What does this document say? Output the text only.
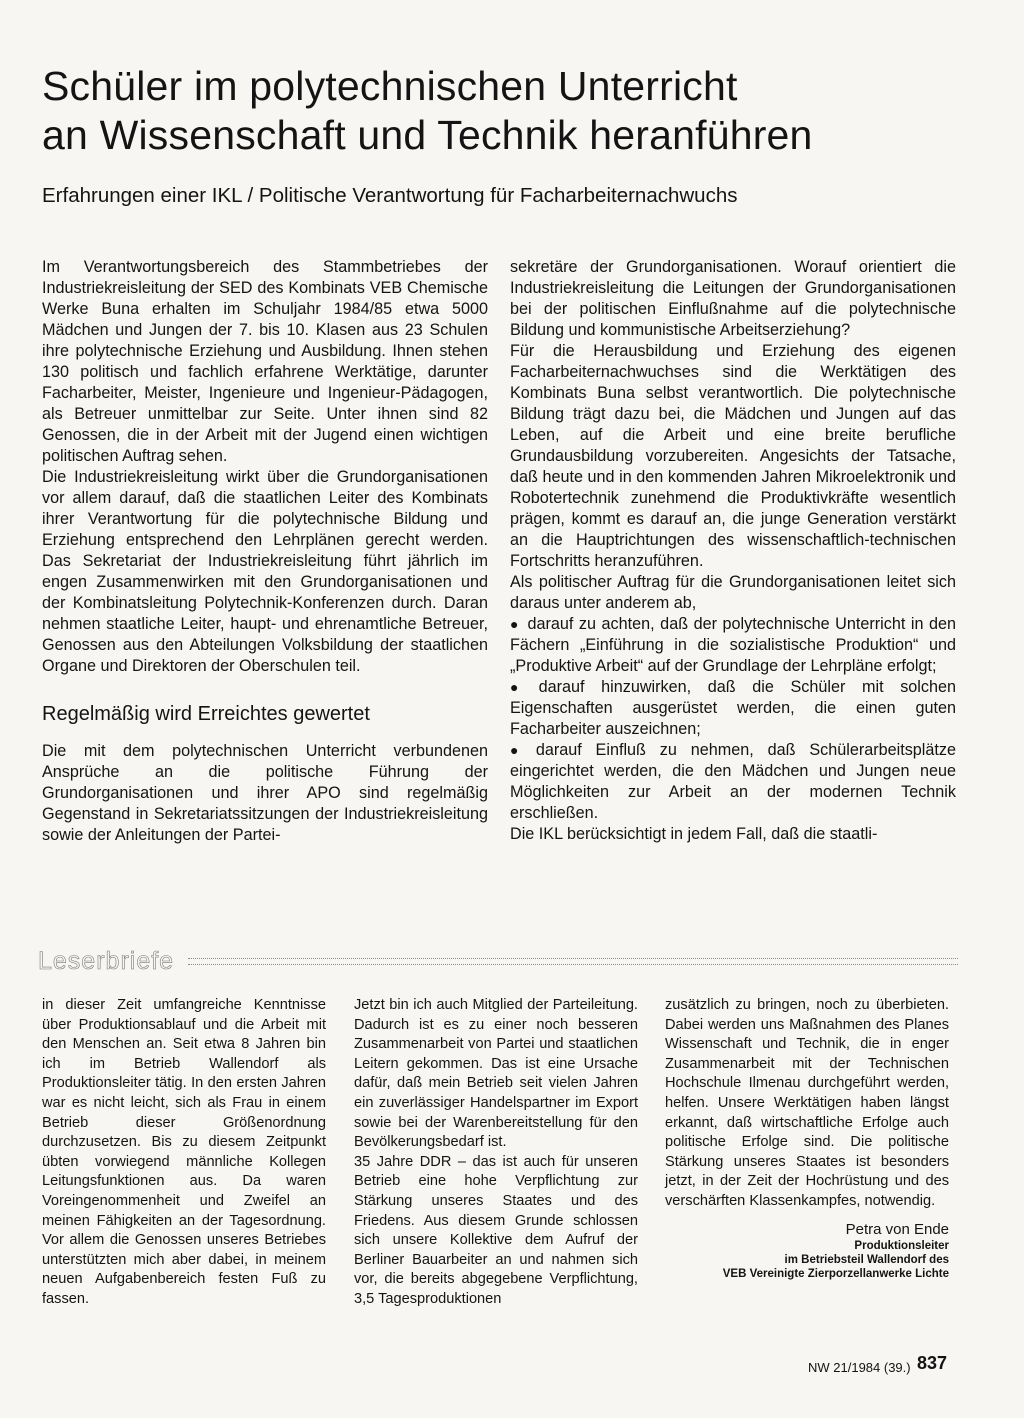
Schüler im polytechnischen Unterricht
an Wissenschaft und Technik heranführen
Erfahrungen einer IKL / Politische Verantwortung für Facharbeiternachwuchs

Im Verantwortungsbereich des Stammbetriebes der Industriekreisleitung der SED des Kombinats VEB Chemische Werke Buna erhalten im Schuljahr 1984/85 etwa 5000 Mädchen und Jungen der 7. bis 10. Klasen aus 23 Schulen ihre polytechnische Erziehung und Ausbildung. Ihnen stehen 130 politisch und fachlich erfahrene Werktätige, darunter Facharbeiter, Meister, Ingenieure und Ingenieur-Pädagogen, als Betreuer unmittelbar zur Seite. Unter ihnen sind 82 Genossen, die in der Arbeit mit der Jugend einen wichtigen politischen Auftrag sehen.

Die Industriekreisleitung wirkt über die Grundorganisationen vor allem darauf, daß die staatlichen Leiter des Kombinats ihrer Verantwortung für die polytechnische Bildung und Erziehung entsprechend den Lehrplänen gerecht werden. Das Sekretariat der Industriekreisleitung führt jährlich im engen Zusammenwirken mit den Grundorganisationen und der Kombinatsleitung Polytechnik-Konferenzen durch. Daran nehmen staatliche Leiter, haupt- und ehrenamtliche Betreuer, Genossen aus den Abteilungen Volksbildung der staatlichen Organe und Direktoren der Oberschulen teil.

Regelmäßig wird Erreichtes gewertet

Die mit dem polytechnischen Unterricht verbundenen Ansprüche an die politische Führung der Grundorganisationen und ihrer APO sind regelmäßig Gegenstand in Sekretariatssitzungen der Industriekreisleitung sowie der Anleitungen der Partei-

sekretäre der Grundorganisationen. Worauf orientiert die Industriekreisleitung die Leitungen der Grundorganisationen bei der politischen Einflußnahme auf die polytechnische Bildung und kommunistische Arbeitserziehung?

Für die Herausbildung und Erziehung des eigenen Facharbeiternachwuchses sind die Werktätigen des Kombinats Buna selbst verantwortlich. Die polytechnische Bildung trägt dazu bei, die Mädchen und Jungen auf das Leben, auf die Arbeit und eine breite berufliche Grundausbildung vorzubereiten. Angesichts der Tatsache, daß heute und in den kommenden Jahren Mikroelektronik und Robotertechnik zunehmend die Produktivkräfte wesentlich prägen, kommt es darauf an, die junge Generation verstärkt an die Hauptrichtungen des wissenschaftlich-technischen Fortschritts heranzuführen.

Als politischer Auftrag für die Grundorganisationen leitet sich daraus unter anderem ab,

● darauf zu achten, daß der polytechnische Unterricht in den Fächern „Einführung in die sozialistische Produktion“ und „Produktive Arbeit“ auf der Grundlage der Lehrpläne erfolgt;

● darauf hinzuwirken, daß die Schüler mit solchen Eigenschaften ausgerüstet werden, die einen guten Facharbeiter auszeichnen;

● darauf Einfluß zu nehmen, daß Schülerarbeitsplätze eingerichtet werden, die den Mädchen und Jungen neue Möglichkeiten zur Arbeit an der modernen Technik erschließen.

Die IKL berücksichtigt in jedem Fall, daß die staatli-

Leserbriefe

in dieser Zeit umfangreiche Kenntnisse über Produktionsablauf und die Arbeit mit den Menschen an. Seit etwa 8 Jahren bin ich im Betrieb Wallendorf als Produktionsleiter tätig. In den ersten Jahren war es nicht leicht, sich als Frau in einem Betrieb dieser Größenordnung durchzusetzen. Bis zu diesem Zeitpunkt übten vorwiegend männliche Kollegen Leitungsfunktionen aus. Da waren Voreingenommenheit und Zweifel an meinen Fähigkeiten an der Tagesordnung. Vor allem die Genossen unseres Betriebes unterstützten mich aber dabei, in meinem neuen Aufgabenbereich festen Fuß zu fassen.

Jetzt bin ich auch Mitglied der Parteileitung. Dadurch ist es zu einer noch besseren Zusammenarbeit von Partei und staatlichen Leitern gekommen. Das ist eine Ursache dafür, daß mein Betrieb seit vielen Jahren ein zuverlässiger Handelspartner im Export sowie bei der Warenbereitstellung für den Bevölkerungsbedarf ist.

35 Jahre DDR – das ist auch für unseren Betrieb eine hohe Verpflichtung zur Stärkung unseres Staates und des Friedens. Aus diesem Grunde schlossen sich unsere Kollektive dem Aufruf der Berliner Bauarbeiter an und nahmen sich vor, die bereits abgegebene Verpflichtung, 3,5 Tagesproduktionen

zusätzlich zu bringen, noch zu überbieten. Dabei werden uns Maßnahmen des Planes Wissenschaft und Technik, die in enger Zusammenarbeit mit der Technischen Hochschule Ilmenau durchgeführt werden, helfen. Unsere Werktätigen haben längst erkannt, daß wirtschaftliche Erfolge auch politische Erfolge sind. Die politische Stärkung unseres Staates ist besonders jetzt, in der Zeit der Hochrüstung und des verschärften Klassenkampfes, notwendig.

Petra von Ende
Produktionsleiter
im Betriebsteil Wallendorf des
VEB Vereinigte Zierporzellanwerke Lichte
NW 21/1984 (39.) 837
